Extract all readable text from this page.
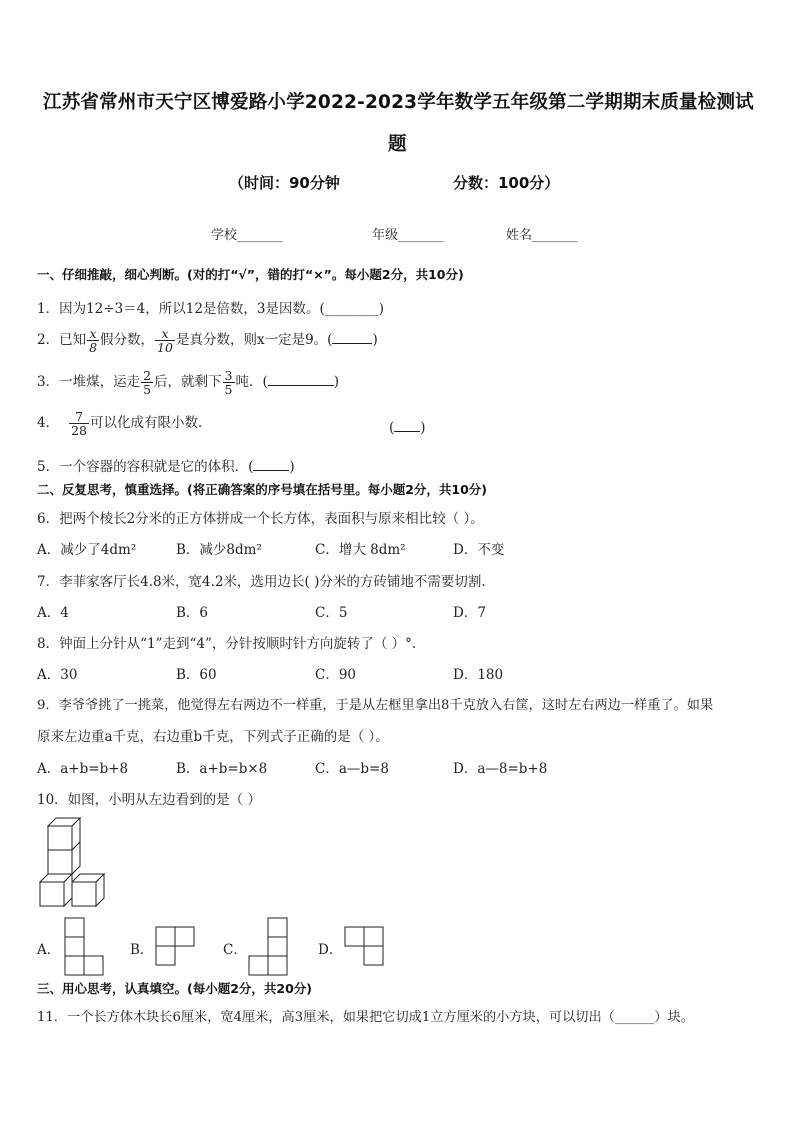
江苏省常州市天宁区博爱路小学2022-2023学年数学五年级第二学期期末质量检测试
题
（时间：90分钟	分数：100分）
学校_______	年级_______	姓名_______
一、仔细推敲，细心判断。(对的打“√”，错的打“×”。每小题2分，共10分)
1．因为12÷3＝4，所以12是倍数，3是因数。(________)
2．已知 $\frac{x}{8}$ 假分数， $\frac{x}{10}$ 是真分数，则x一定是9。(	)
3．一堆煤，运走 $\frac{2}{5}$ 后，就剩下 $\frac{3}{5}$ 吨．(	)
4． $\frac{7}{28}$ 可以化成有限小数．	( )
5．一个容器的容积就是它的体积．(	)
二、反复思考，慎重选择。(将正确答案的序号填在括号里。每小题2分，共10分)
6．把两个棱长2分米的正方体拼成一个长方体，表面积与原来相比较（ ）。
A．减少了4dm²	B．减少8dm²	C．增大 8dm²	D．不变
7．李菲家客厅长4.8米，宽4.2米，选用边长( )分米的方砖铺地不需要切割.
A．4	B．6	C．5	D．7
8．钟面上分针从“1”走到“4”，分针按顺时针方向旋转了（ ）°.
A．30	B．60	C．90	D．180
9．李爷爷挑了一挑菜，他觉得左右两边不一样重，于是从左框里拿出8千克放入右筐，这时左右两边一样重了。如果
原来左边重a千克，右边重b千克，下列式子正确的是（ ）。
A．a+b=b+8	B．a+b=b×8	C．a—b=8	D．a—8=b+8
10．如图，小明从左边看到的是（ ）
A．	B．	C．	D．
三、用心思考，认真填空。(每小题2分，共20分)
11．一个长方体木块长6厘米，宽4厘米，高3厘米，如果把它切成1立方厘米的小方块，可以切出（______）块。
